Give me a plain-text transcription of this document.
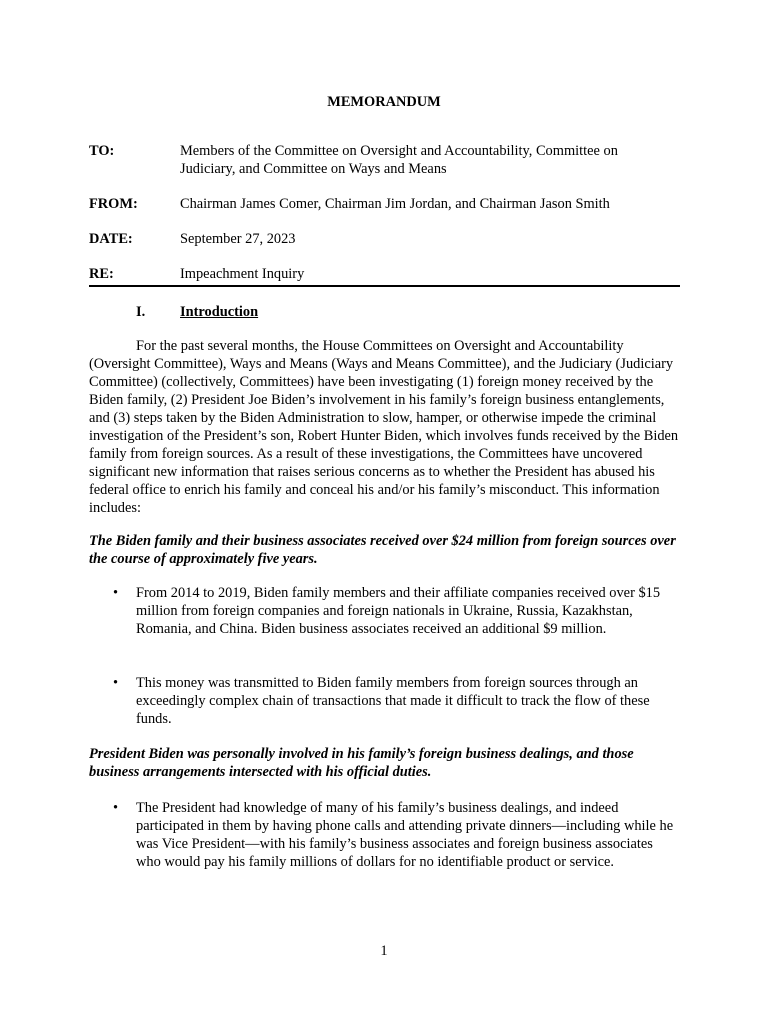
MEMORANDUM
TO:	Members of the Committee on Oversight and Accountability, Committee on Judiciary, and Committee on Ways and Means
FROM:	Chairman James Comer, Chairman Jim Jordan, and Chairman Jason Smith
DATE:	September 27, 2023
RE:	Impeachment Inquiry
I. Introduction
For the past several months, the House Committees on Oversight and Accountability (Oversight Committee), Ways and Means (Ways and Means Committee), and the Judiciary (Judiciary Committee) (collectively, Committees) have been investigating (1) foreign money received by the Biden family, (2) President Joe Biden’s involvement in his family’s foreign business entanglements, and (3) steps taken by the Biden Administration to slow, hamper, or otherwise impede the criminal investigation of the President’s son, Robert Hunter Biden, which involves funds received by the Biden family from foreign sources. As a result of these investigations, the Committees have uncovered significant new information that raises serious concerns as to whether the President has abused his federal office to enrich his family and conceal his and/or his family’s misconduct. This information includes:
The Biden family and their business associates received over $24 million from foreign sources over the course of approximately five years.
• From 2014 to 2019, Biden family members and their affiliate companies received over $15 million from foreign companies and foreign nationals in Ukraine, Russia, Kazakhstan, Romania, and China. Biden business associates received an additional $9 million.
• This money was transmitted to Biden family members from foreign sources through an exceedingly complex chain of transactions that made it difficult to track the flow of these funds.
President Biden was personally involved in his family’s foreign business dealings, and those business arrangements intersected with his official duties.
• The President had knowledge of many of his family’s business dealings, and indeed participated in them by having phone calls and attending private dinners—including while he was Vice President—with his family’s business associates and foreign business associates who would pay his family millions of dollars for no identifiable product or service.
1
